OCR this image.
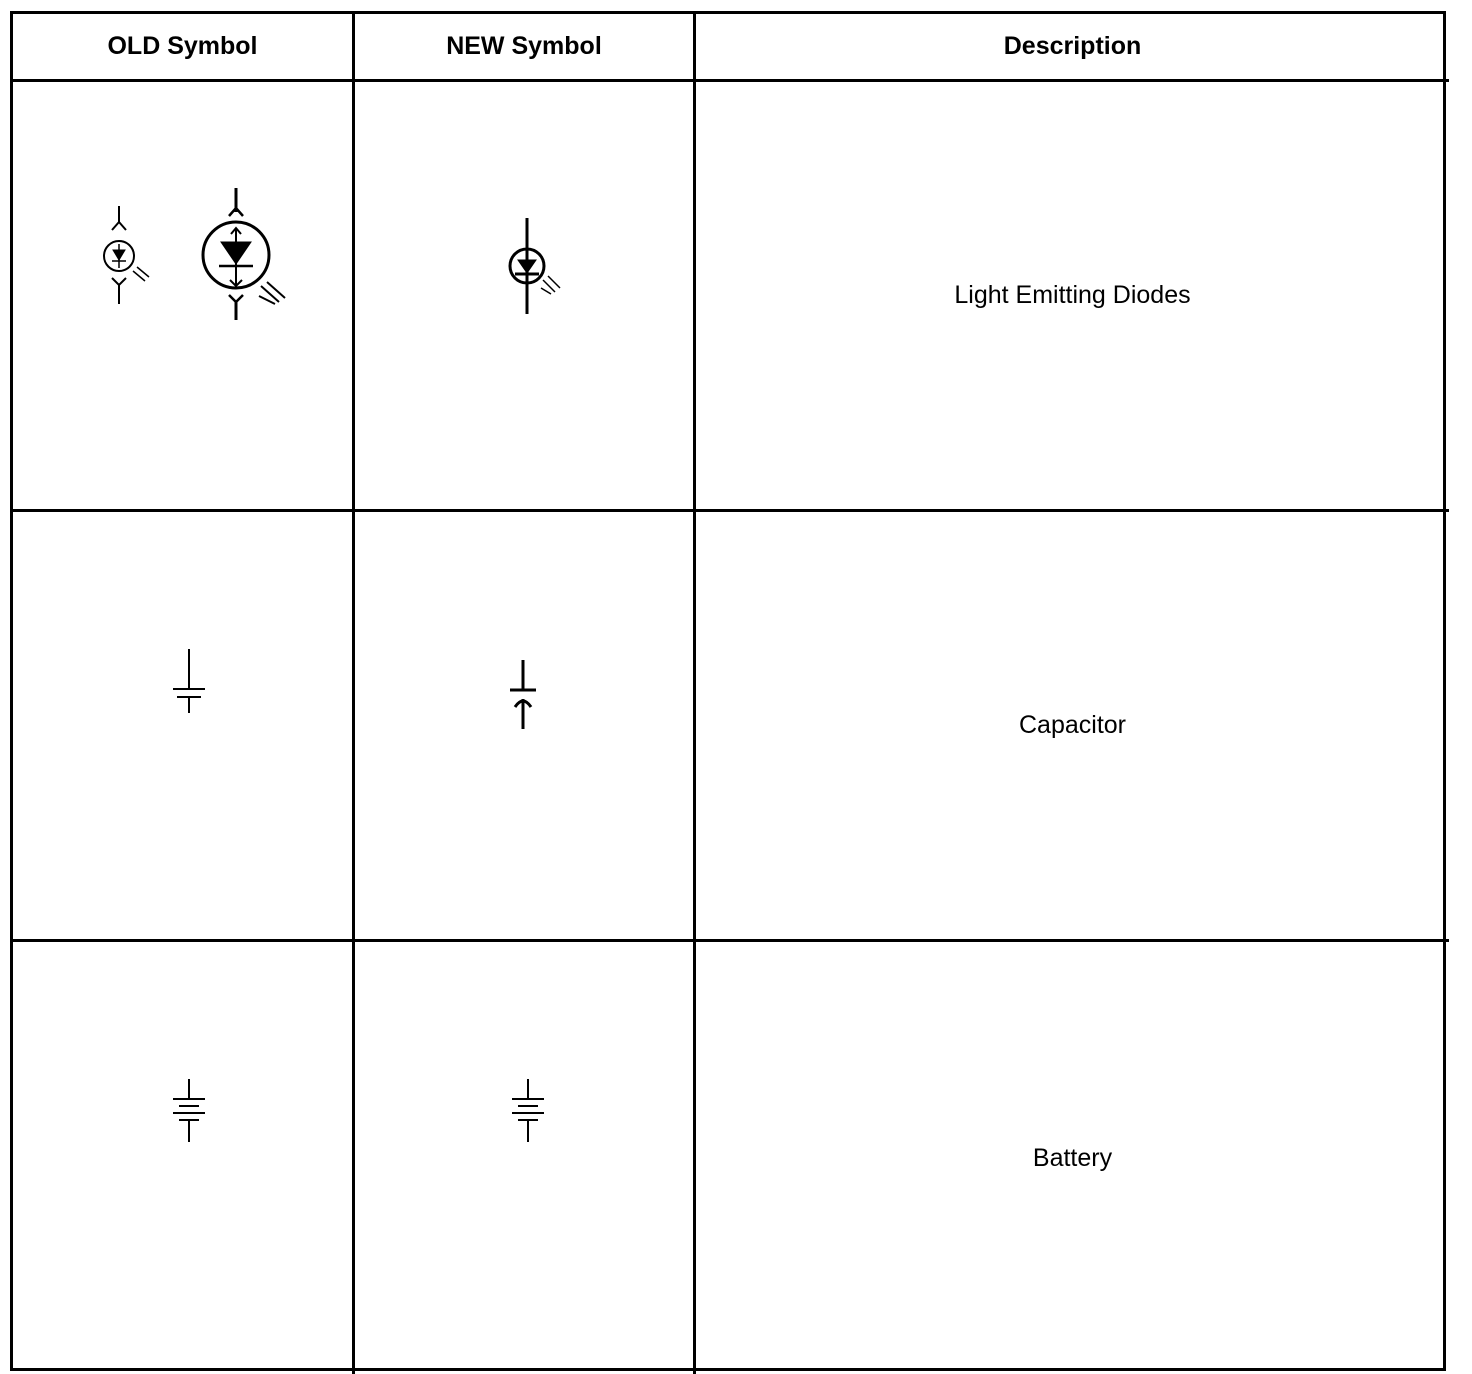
OLD Symbol	NEW Symbol	Description
Light Emitting Diodes
Capacitor
Battery
